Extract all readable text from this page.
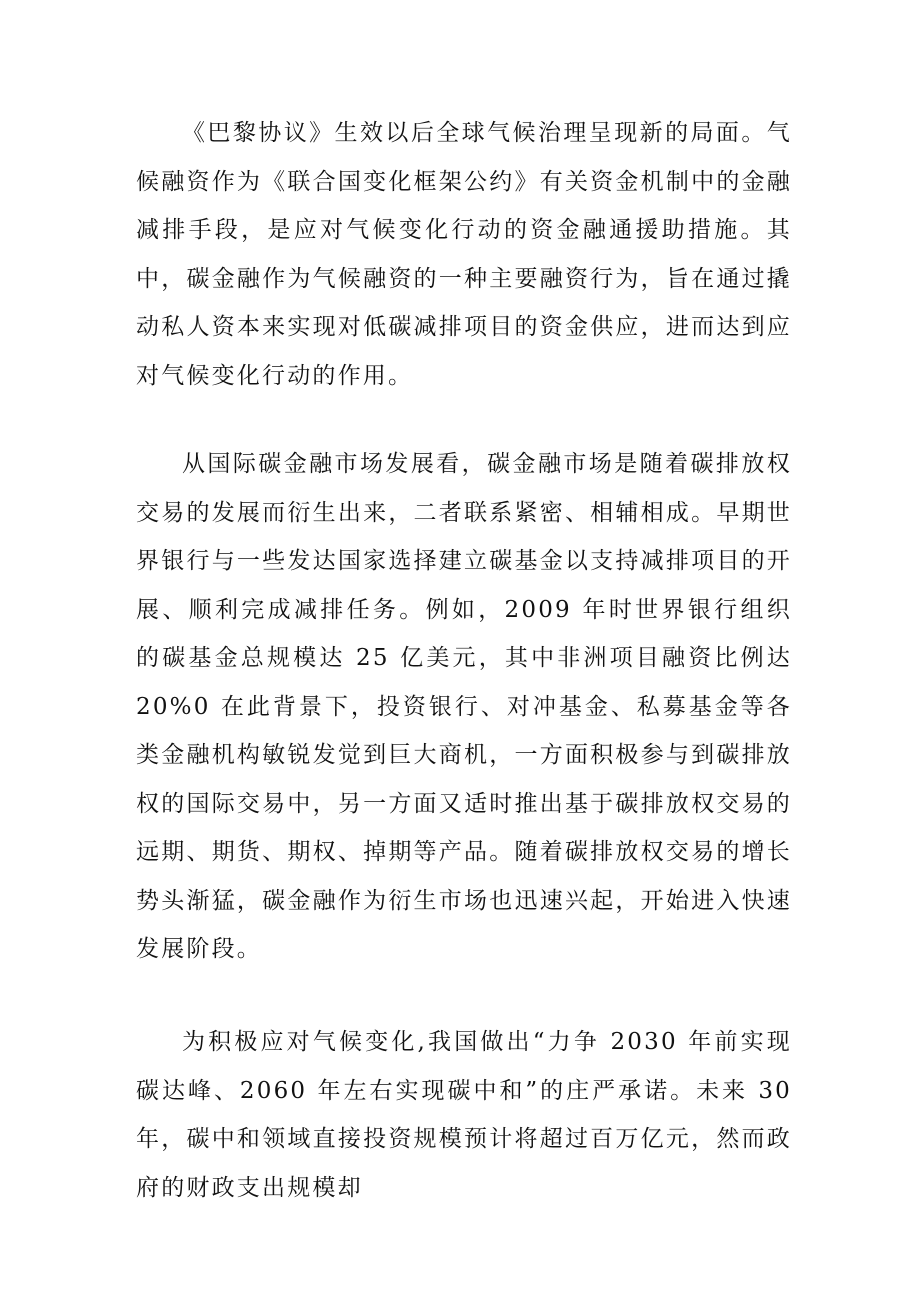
《巴黎协议》生效以后全球气候治理呈现新的局面。气候融资作为《联合国变化框架公约》有关资金机制中的金融减排手段，是应对气候变化行动的资金融通援助措施。其中，碳金融作为气候融资的一种主要融资行为，旨在通过撬动私人资本来实现对低碳减排项目的资金供应，进而达到应对气候变化行动的作用。

从国际碳金融市场发展看，碳金融市场是随着碳排放权交易的发展而衍生出来，二者联系紧密、相辅相成。早期世界银行与一些发达国家选择建立碳基金以支持减排项目的开展、顺利完成减排任务。例如，2009 年时世界银行组织的碳基金总规模达 25 亿美元，其中非洲项目融资比例达 20%0 在此背景下，投资银行、对冲基金、私募基金等各类金融机构敏锐发觉到巨大商机，一方面积极参与到碳排放权的国际交易中，另一方面又适时推出基于碳排放权交易的远期、期货、期权、掉期等产品。随着碳排放权交易的增长势头渐猛，碳金融作为衍生市场也迅速兴起，开始进入快速发展阶段。

为积极应对气候变化,我国做出“力争 2030 年前实现碳达峰、2060 年左右实现碳中和”的庄严承诺。未来 30 年，碳中和领域直接投资规模预计将超过百万亿元，然而政府的财政支出规模却
